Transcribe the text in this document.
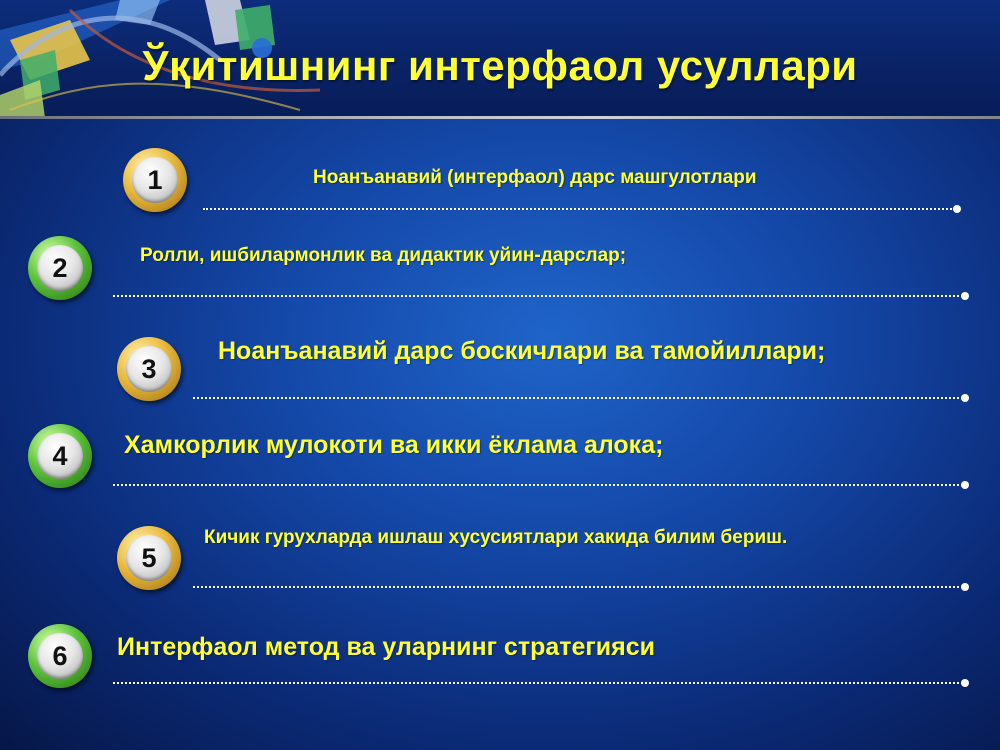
Ўқитишнинг интерфаол усуллари
1	Ноанъанавий (интерфаол) дарс машгулотлари
2	Ролли, ишбилармонлик ва дидактик уйин-дарслар;
3
Ноанъанавий дарс боскичлари ва тамойиллари;
4	Хамкорлик мулокоти ва икки ёклама алока;
5
Кичик гурухларда ишлаш хусусиятлари хакида билим бериш.
6	Интерфаол метод ва уларнинг стратегияси
